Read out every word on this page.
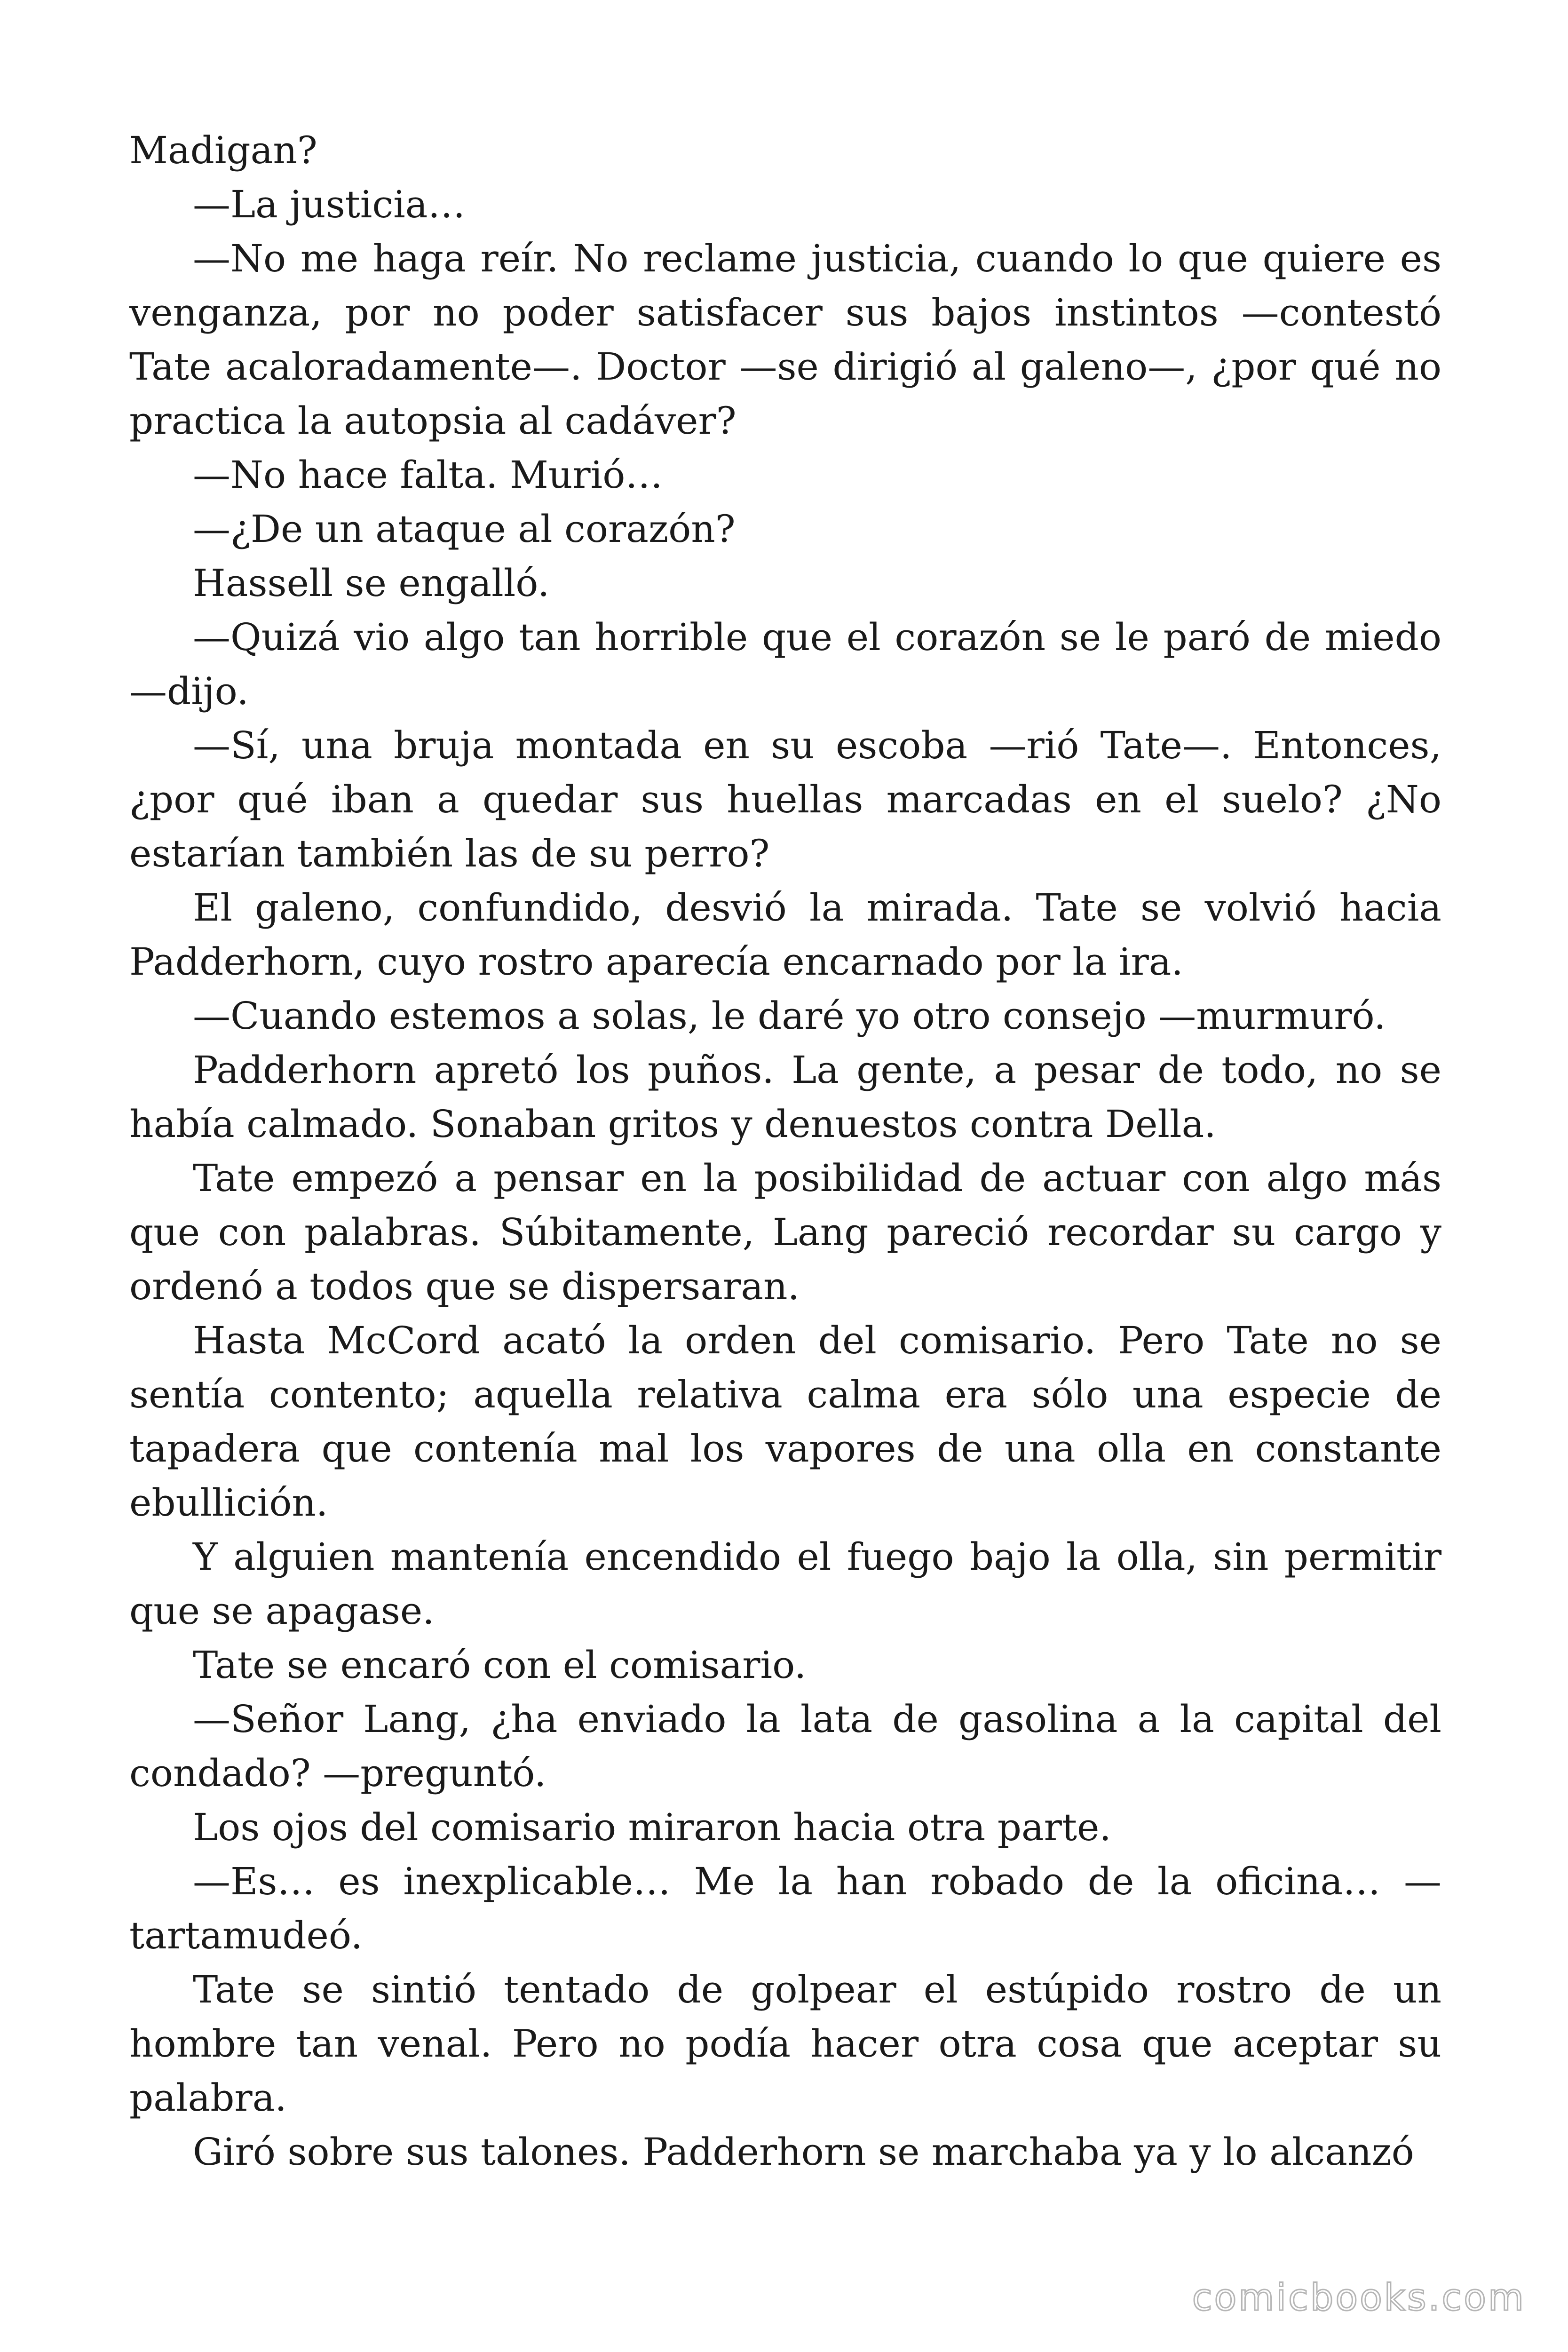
Madigan?

—La justicia…

—No me haga reír. No reclame justicia, cuando lo que quiere es venganza, por no poder satisfacer sus bajos instintos —contestó Tate acaloradamente—. Doctor —se dirigió al galeno—, ¿por qué no practica la autopsia al cadáver?

—No hace falta. Murió…

—¿De un ataque al corazón?

Hassell se engalló.

—Quizá vio algo tan horrible que el corazón se le paró de miedo —dijo.

—Sí, una bruja montada en su escoba —rió Tate—. Entonces, ¿por qué iban a quedar sus huellas marcadas en el suelo? ¿No estarían también las de su perro?

El galeno, confundido, desvió la mirada. Tate se volvió hacia Padderhorn, cuyo rostro aparecía encarnado por la ira.

—Cuando estemos a solas, le daré yo otro consejo —murmuró.

Padderhorn apretó los puños. La gente, a pesar de todo, no se había calmado. Sonaban gritos y denuestos contra Della.

Tate empezó a pensar en la posibilidad de actuar con algo más que con palabras. Súbitamente, Lang pareció recordar su cargo y ordenó a todos que se dispersaran.

Hasta McCord acató la orden del comisario. Pero Tate no se sentía contento; aquella relativa calma era sólo una especie de tapadera que contenía mal los vapores de una olla en constante ebullición.

Y alguien mantenía encendido el fuego bajo la olla, sin permitir que se apagase.

Tate se encaró con el comisario.

—Señor Lang, ¿ha enviado la lata de gasolina a la capital del condado? —preguntó.

Los ojos del comisario miraron hacia otra parte.

—Es… es inexplicable… Me la han robado de la oficina… —tartamudeó.

Tate se sintió tentado de golpear el estúpido rostro de un hombre tan venal. Pero no podía hacer otra cosa que aceptar su palabra.

Giró sobre sus talones. Padderhorn se marchaba ya y lo alcanzó

comicbooks.com
